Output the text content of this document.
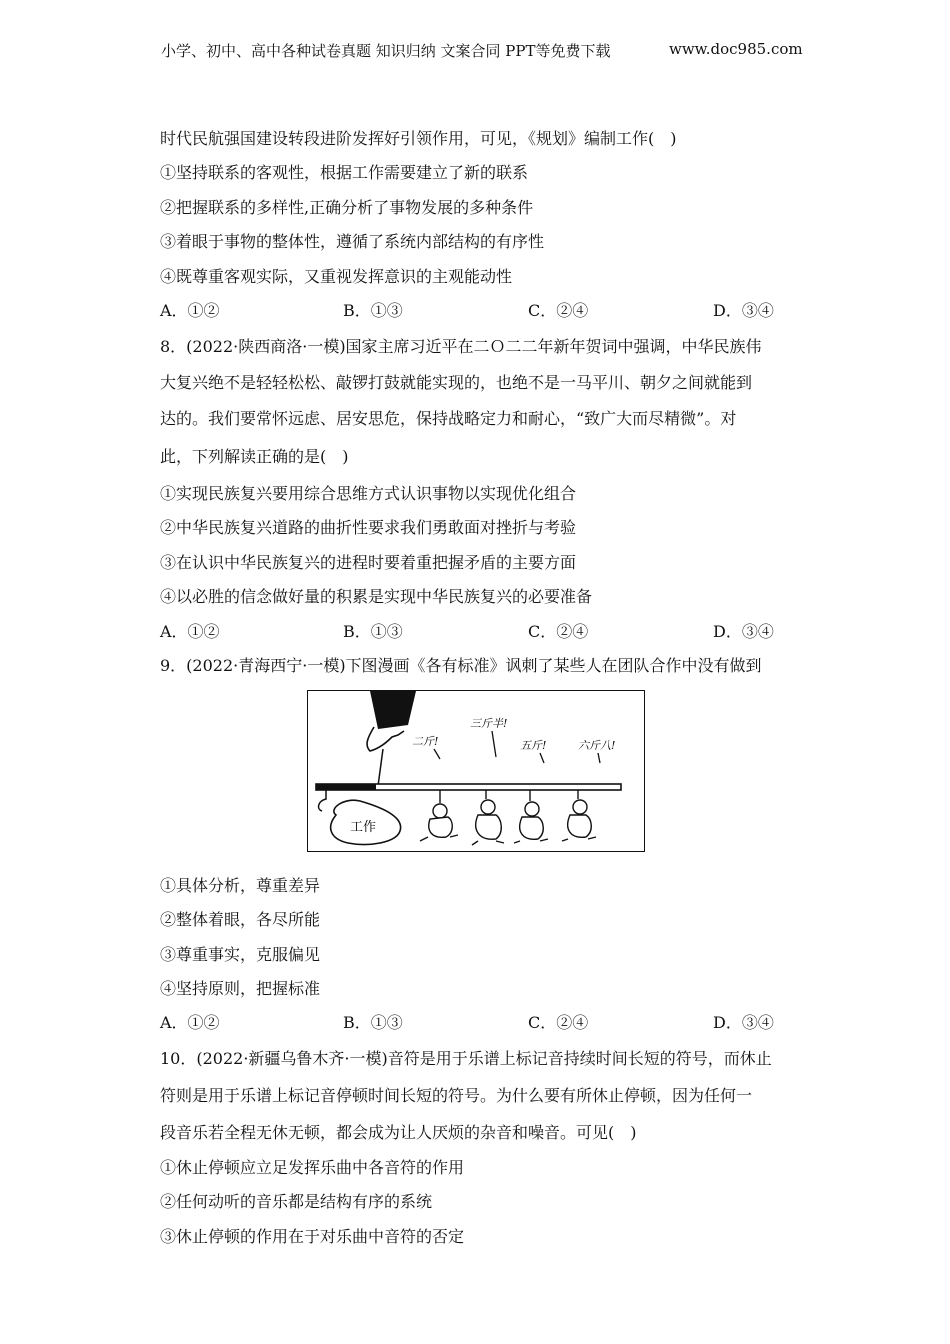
小学、初中、高中各种试卷真题 知识归纳 文案合同 PPT等免费下载	www.doc985.com
时代民航强国建设转段进阶发挥好引领作用，可见，《规划》编制工作(　)
①坚持联系的客观性，根据工作需要建立了新的联系
②把握联系的多样性,正确分析了事物发展的多种条件
③着眼于事物的整体性，遵循了系统内部结构的有序性
④既尊重客观实际，又重视发挥意识的主观能动性
A．①②	B．①③	C．②④	D．③④
8．(2022·陕西商洛·一模)国家主席习近平在二Ｏ二二年新年贺词中强调，中华民族伟
大复兴绝不是轻轻松松、敲锣打鼓就能实现的，也绝不是一马平川、朝夕之间就能到
达的。我们要常怀远虑、居安思危，保持战略定力和耐心，“致广大而尽精微”。对
此，下列解读正确的是(　)
①实现民族复兴要用综合思维方式认识事物以实现优化组合
②中华民族复兴道路的曲折性要求我们勇敢面对挫折与考验
③在认识中华民族复兴的进程时要着重把握矛盾的主要方面
④以必胜的信念做好量的积累是实现中华民族复兴的必要准备
A．①②	B．①③	C．②④	D．③④
9．(2022·青海西宁·一模)下图漫画《各有标准》讽刺了某些人在团队合作中没有做到
工作
三斤半!
二斤!	五斤!	六斤八!
①具体分析，尊重差异
②整体着眼，各尽所能
③尊重事实，克服偏见
④坚持原则，把握标准
A．①②	B．①③	C．②④	D．③④
10．(2022·新疆乌鲁木齐·一模)音符是用于乐谱上标记音持续时间长短的符号，而休止
符则是用于乐谱上标记音停顿时间长短的符号。为什么要有所休止停顿，因为任何一
段音乐若全程无休无顿，都会成为让人厌烦的杂音和噪音。可见(　)
①休止停顿应立足发挥乐曲中各音符的作用
②任何动听的音乐都是结构有序的系统
③休止停顿的作用在于对乐曲中音符的否定
